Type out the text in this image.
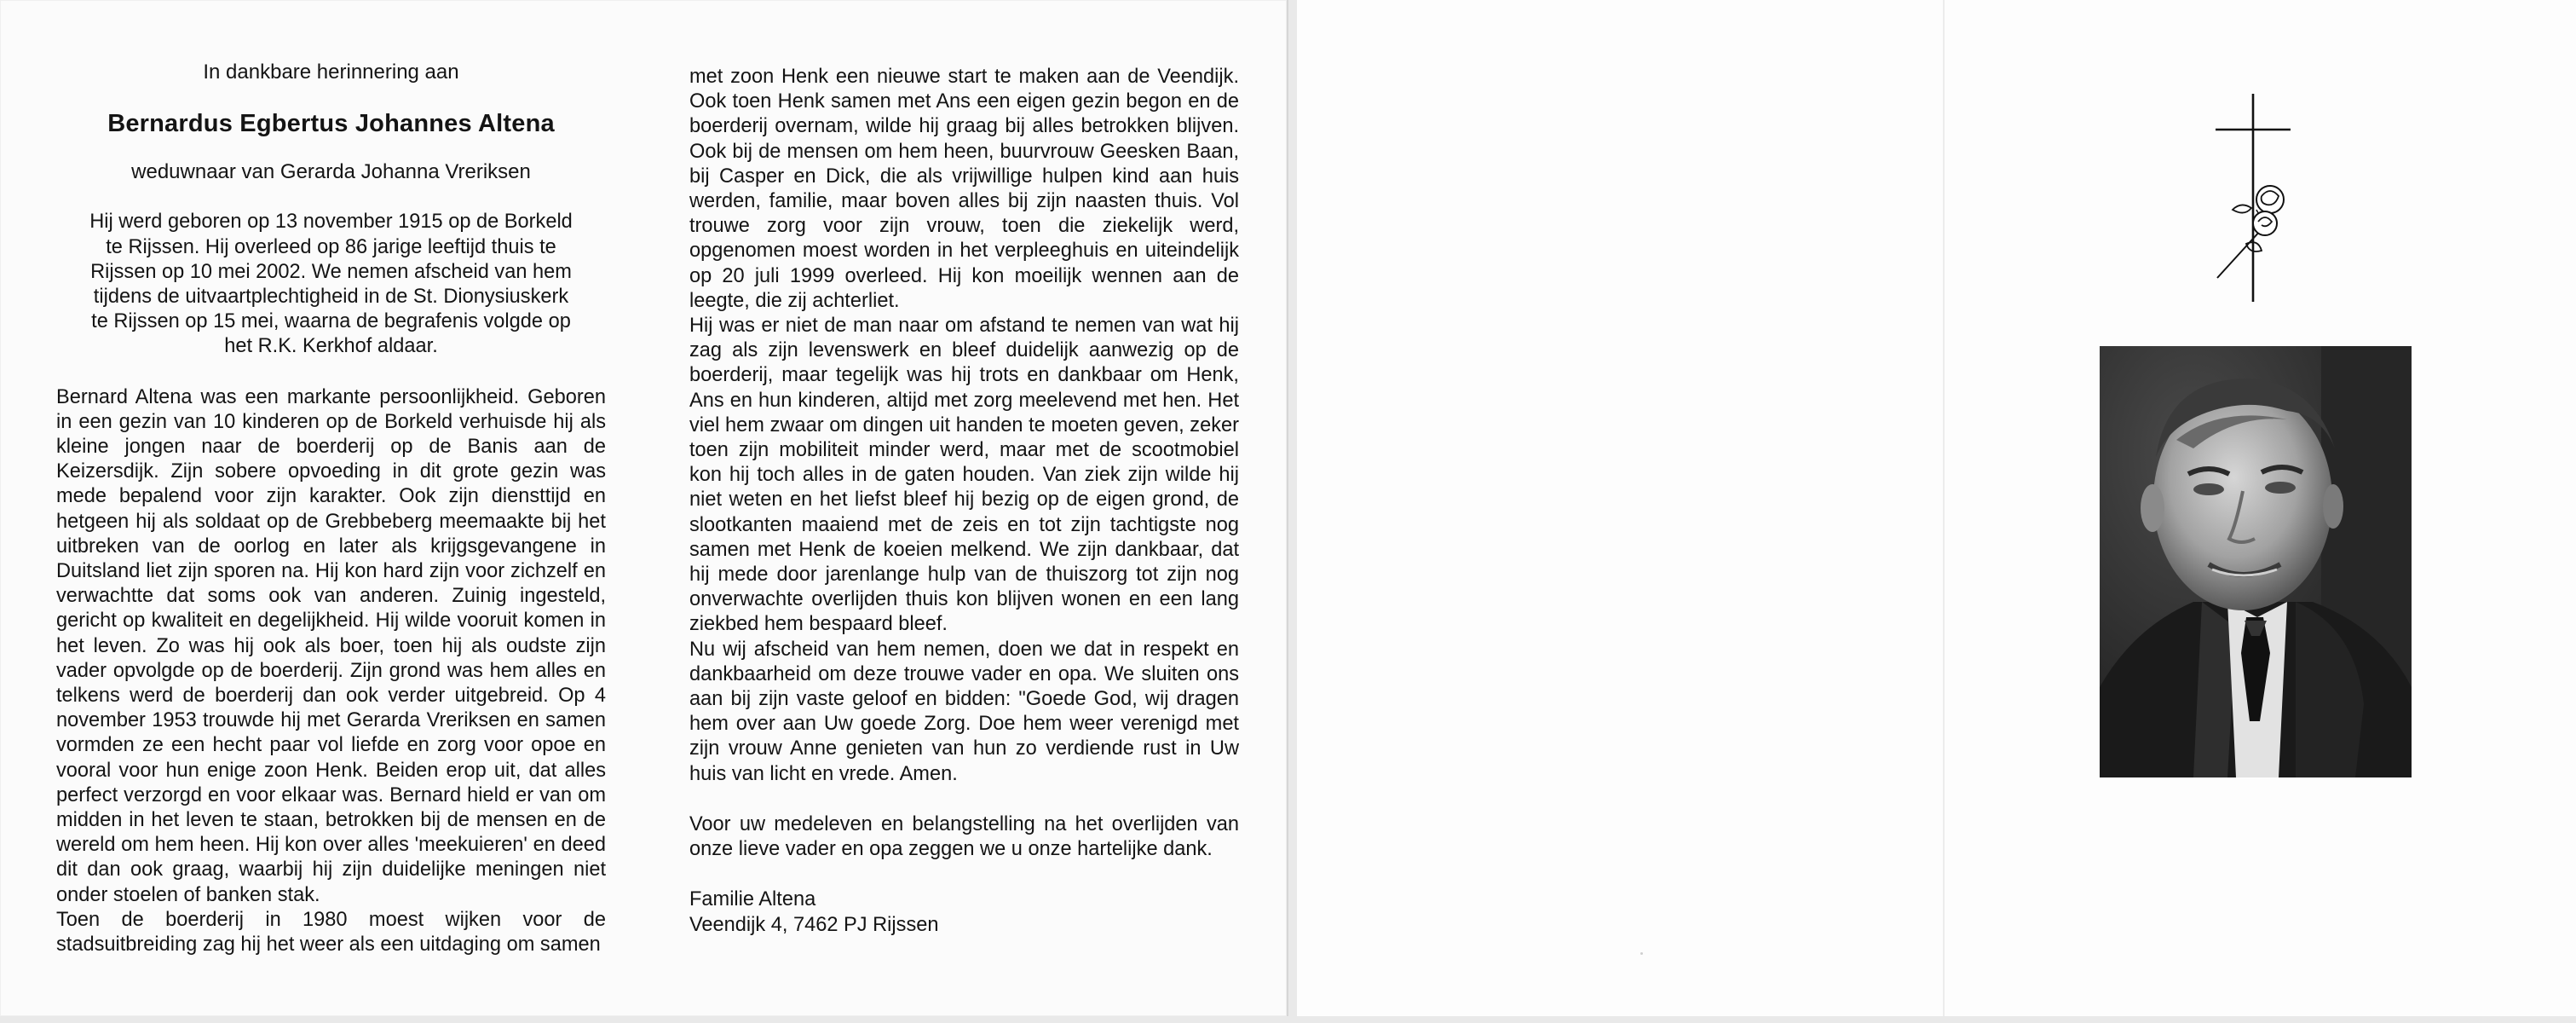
In dankbare herinnering aan

Bernardus Egbertus Johannes Altena

weduwnaar van Gerarda Johanna Vreriksen

Hij werd geboren op 13 november 1915 op de Borkeld te Rijssen. Hij overleed op 86 jarige leeftijd thuis te Rijssen op 10 mei 2002. We nemen afscheid van hem tijdens de uitvaartplechtigheid in de St. Dionysiuskerk te Rijssen op 15 mei, waarna de begrafenis volgde op het R.K. Kerkhof aldaar.

Bernard Altena was een markante persoonlijkheid. Geboren in een gezin van 10 kinderen op de Borkeld verhuisde hij als kleine jongen naar de boerderij op de Banis aan de Keizersdijk. Zijn sobere opvoeding in dit grote gezin was mede bepalend voor zijn karakter. Ook zijn diensttijd en hetgeen hij als soldaat op de Grebbeberg meemaakte bij het uitbreken van de oorlog en later als krijgsgevangene in Duitsland liet zijn sporen na. Hij kon hard zijn voor zichzelf en verwachtte dat soms ook van anderen. Zuinig ingesteld, gericht op kwaliteit en degelijkheid. Hij wilde vooruit komen in het leven. Zo was hij ook als boer, toen hij als oudste zijn vader opvolgde op de boerderij. Zijn grond was hem alles en telkens werd de boerderij dan ook verder uitgebreid. Op 4 november 1953 trouwde hij met Gerarda Vreriksen en samen vormden ze een hecht paar vol liefde en zorg voor opoe en vooral voor hun enige zoon Henk. Beiden erop uit, dat alles perfect verzorgd en voor elkaar was. Bernard hield er van om midden in het leven te staan, betrokken bij de mensen en de wereld om hem heen. Hij kon over alles 'meekuieren' en deed dit dan ook graag, waarbij hij zijn duidelijke meningen niet onder stoelen of banken stak.

Toen de boerderij in 1980 moest wijken voor de stadsuitbreiding zag hij het weer als een uitdaging om samen

met zoon Henk een nieuwe start te maken aan de Veendijk. Ook toen Henk samen met Ans een eigen gezin begon en de boerderij overnam, wilde hij graag bij alles betrokken blijven. Ook bij de mensen om hem heen, buurvrouw Geesken Baan, bij Casper en Dick, die als vrijwillige hulpen kind aan huis werden, familie, maar boven alles bij zijn naasten thuis. Vol trouwe zorg voor zijn vrouw, toen die ziekelijk werd, opgenomen moest worden in het verpleeghuis en uiteindelijk op 20 juli 1999 overleed. Hij kon moeilijk wennen aan de leegte, die zij achterliet.

Hij was er niet de man naar om afstand te nemen van wat hij zag als zijn levenswerk en bleef duidelijk aanwezig op de boerderij, maar tegelijk was hij trots en dankbaar om Henk, Ans en hun kinderen, altijd met zorg meelevend met hen. Het viel hem zwaar om dingen uit handen te moeten geven, zeker toen zijn mobiliteit minder werd, maar met de scootmobiel kon hij toch alles in de gaten houden. Van ziek zijn wilde hij niet weten en het liefst bleef hij bezig op de eigen grond, de slootkanten maaiend met de zeis en tot zijn tachtigste nog samen met Henk de koeien melkend. We zijn dankbaar, dat hij mede door jarenlange hulp van de thuiszorg tot zijn nog onverwachte overlijden thuis kon blijven wonen en een lang ziekbed hem bespaard bleef.

Nu wij afscheid van hem nemen, doen we dat in respekt en dankbaarheid om deze trouwe vader en opa. We sluiten ons aan bij zijn vaste geloof en bidden: "Goede God, wij dragen hem over aan Uw goede Zorg. Doe hem weer verenigd met zijn vrouw Anne genieten van hun zo verdiende rust in Uw huis van licht en vrede. Amen.

Voor uw medeleven en belangstelling na het overlijden van onze lieve vader en opa zeggen we u onze hartelijke dank.

Familie Altena

Veendijk 4, 7462 PJ Rijssen
